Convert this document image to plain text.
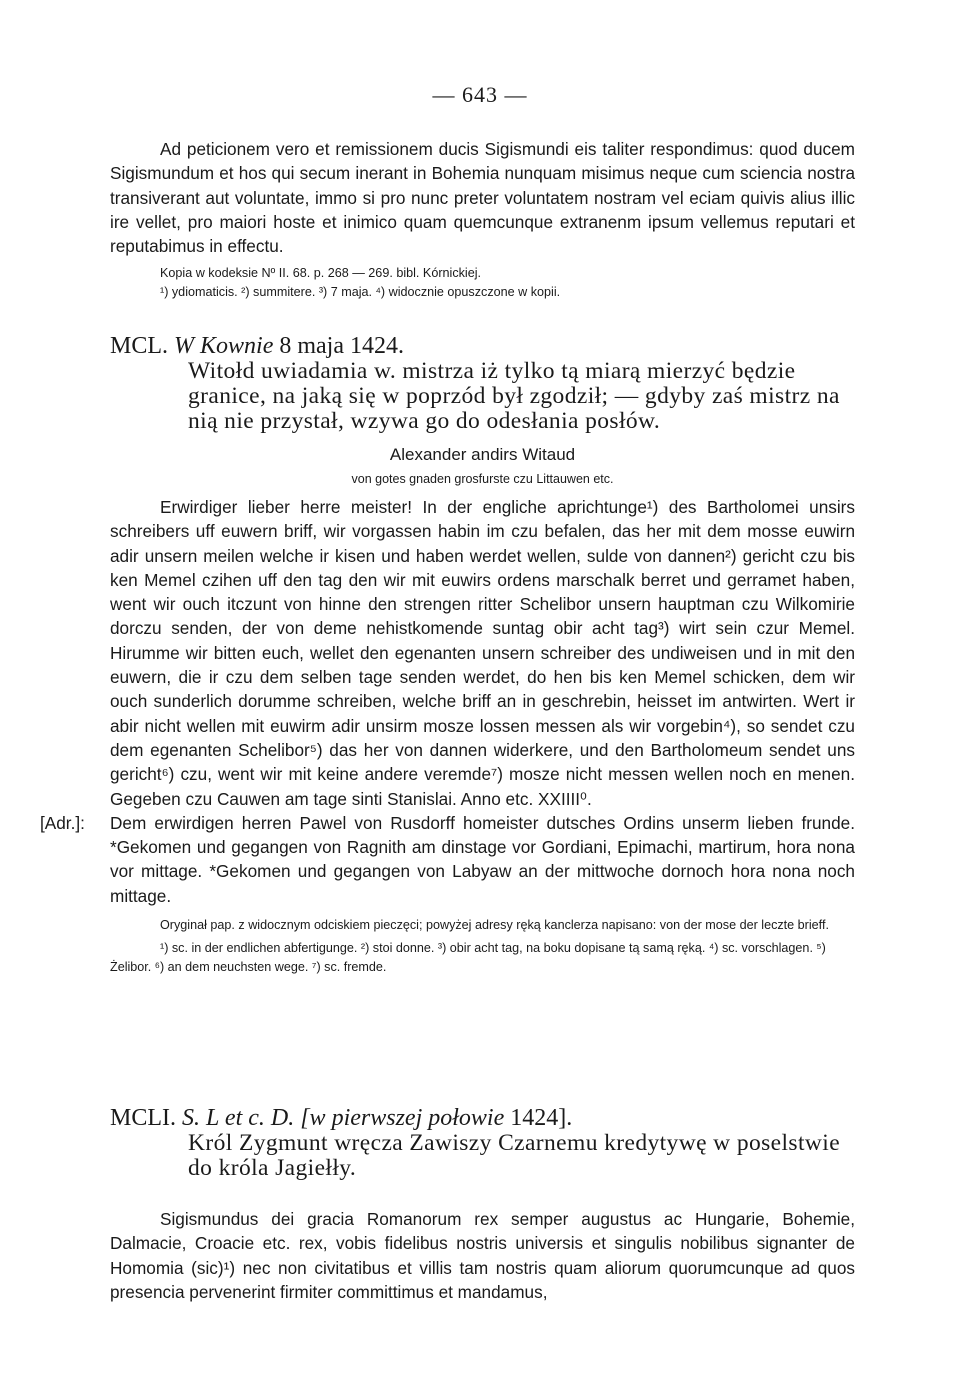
— 643 —

Ad peticionem vero et remissionem ducis Sigismundi eis taliter respondimus: quod ducem Sigismundum et hos qui secum inerant in Bohemia nunquam misimus neque cum sciencia nostra transiverant aut voluntate, immo si pro nunc preter voluntatem nostram vel eciam quivis alius illic ire vellet, pro maiori hoste et inimico quam quemcunque extranenm ipsum vellemus reputari et reputabimus in effectu.

Kopia w kodeksie Nº II. 68. p. 268 — 269. bibl. Kórnickiej.

¹) ydiomaticis. ²) summitere. ³) 7 maja. ⁴) widocznie opuszczone w kopii.

MCL. W Kownie 8 maja 1424.

Witołd uwiadamia w. mistrza iż tylko tą miarą mierzyć będzie granice, na jaką się w poprzód był zgodził; — gdyby zaś mistrz na nią nie przystał, wzywa go do odesłania posłów.

Alexander andirs Witaud

von gotes gnaden grosfurste czu Littauwen etc.

Erwirdiger lieber herre meister! In der engliche aprichtunge¹) des Bartholomei unsirs schreibers uff euwern briff, wir vorgassen habin im czu befalen, das her mit dem mosse euwirn adir unsern meilen welche ir kisen und haben werdet wellen, sulde von dannen²) gericht czu bis ken Memel czihen uff den tag den wir mit euwirs ordens marschalk berret und gerramet haben, went wir ouch itczunt von hinne den strengen ritter Schelibor unsern hauptman czu Wilkomirie dorczu senden, der von deme nehistkomende suntag obir acht tag³) wirt sein czur Memel. Hirumme wir bitten euch, wellet den egenanten unsern schreiber des undiweisen und in mit den euwern, die ir czu dem selben tage senden werdet, do hen bis ken Memel schicken, dem wir ouch sunderlich dorumme schreiben, welche briff an in geschrebin, heisset im antwirten. Wert ir abir nicht wellen mit euwirm adir unsirm mosze lossen messen als wir vorgebin⁴), so sendet czu dem egenanten Schelibor⁵) das her von dannen widerkere, und den Bartholomeum sendet uns gericht⁶) czu, went wir mit keine andere veremde⁷) mosze nicht messen wellen noch en menen. Gegeben czu Cauwen am tage sinti Stanislai. Anno etc. XXIIII⁰.

[Adr.]:	Dem erwirdigen herren Pawel von Rusdorff homeister dutsches Ordins unserm lieben frunde. *Gekomen und gegangen von Ragnith am dinstage vor Gordiani, Epimachi, martirum, hora nona vor mittage. *Gekomen und gegangen von Labyaw an der mittwoche dornoch hora nona noch mittage.

Oryginał pap. z widocznym odciskiem pieczęci; powyżej adresy ręką kanclerza napisano: von der mose der leczte brieff.

¹) sc. in der endlichen abfertigunge. ²) stoi donne. ³) obir acht tag, na boku dopisane tą samą ręką. ⁴) sc. vorschlagen. ⁵) Żelibor. ⁶) an dem neuchsten wege. ⁷) sc. fremde.

MCLI. S. L et c. D. [w pierwszej połowie 1424].

Król Zygmunt wręcza Zawiszy Czarnemu kredytywę w poselstwie do króla Jagiełły.

Sigismundus dei gracia Romanorum rex semper augustus ac Hungarie, Bohemie, Dalmacie, Croacie etc. rex, vobis fidelibus nostris universis et singulis nobilibus signanter de Homomia (sic)¹) nec non civitatibus et villis tam nostris quam aliorum quorumcunque ad quos presencia pervenerint firmiter committimus et mandamus,
